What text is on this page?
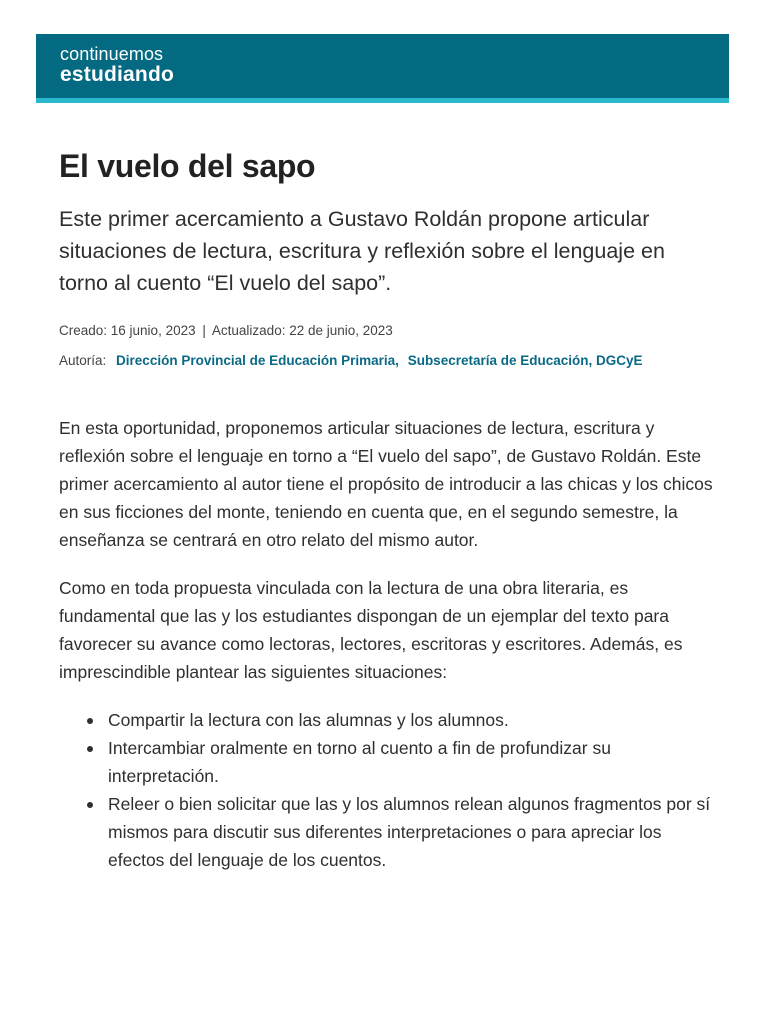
continuemos
estudiando
El vuelo del sapo

Este primer acercamiento a Gustavo Roldán propone articular situaciones de lectura, escritura y reflexión sobre el lenguaje en torno al cuento “El vuelo del sapo”.

Creado: 16 junio, 2023 | Actualizado: 22 de junio, 2023
Autoría: Dirección Provincial de Educación Primaria, Subsecretaría de Educación, DGCyE

En esta oportunidad, proponemos articular situaciones de lectura, escritura y reflexión sobre el lenguaje en torno a “El vuelo del sapo”, de Gustavo Roldán. Este primer acercamiento al autor tiene el propósito de introducir a las chicas y los chicos en sus ficciones del monte, teniendo en cuenta que, en el segundo semestre, la enseñanza se centrará en otro relato del mismo autor.

Como en toda propuesta vinculada con la lectura de una obra literaria, es fundamental que las y los estudiantes dispongan de un ejemplar del texto para favorecer su avance como lectoras, lectores, escritoras y escritores. Además, es imprescindible plantear las siguientes situaciones:

Compartir la lectura con las alumnas y los alumnos.
Intercambiar oralmente en torno al cuento a fin de profundizar su interpretación.
Releer o bien solicitar que las y los alumnos relean algunos fragmentos por sí mismos para discutir sus diferentes interpretaciones o para apreciar los efectos del lenguaje de los cuentos.
